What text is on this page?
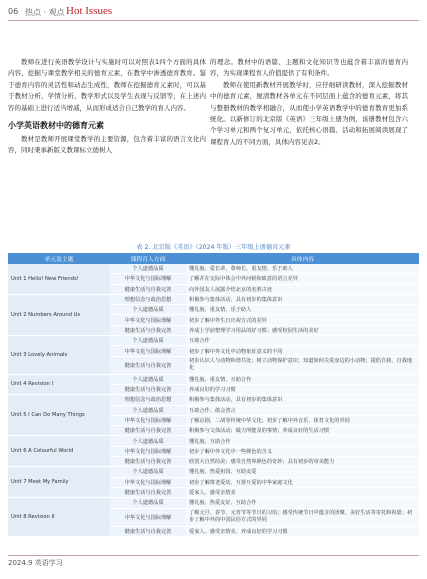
06 热点 · 观点 Hot Issues

教师在进行英语教学设计与实施时可以对照表1四个方面的具体内容，挖掘与课堂教学相关的德育元素，在教学中渗透德育教育。鉴于德育内容的灵活性和动态生成性，教师在挖掘德育元素时，可以基于教材分析、学情分析、教学形式以及学生表现与反馈等，在上述内容的基础上进行适当增减，从而形成适合自己教学的育人内容。

小学英语教材中的德育元素

教材是教师开展课堂教学的主要资源，包含着丰富的语言文化内容，同时秉承新版义教课标立德树人

的理念。教材中的语篇、主题和文化知识等也蕴含着丰富的德育内容，为实现课程育人价值提供了有利条件。

教师在使用新教材开展教学时，应仔细研读教材，深入挖掘教材中的德育元素，厘清教材各单元在不同层面上蕴含的德育元素，将其与整册教材的教学相融合，从而使小学英语教学中的德育教育更加系统化。以新修订的北京版《英语》三年级上册为例，该册教材包含六个学习单元和两个复习单元，依托核心语篇、活动和拓展阅读展现了课程育人的不同方面，具体内容见表2。

表 2. 北京版《英语》（2024 年版）三年级上册德育元素
单元及主题	课程育人方面	具体内容
Unit 1 Hello! New Friends!	个人道德品质	懂礼貌、爱长辈、尊师长、重友情、乐于助人
	中华文化与国际理解	了解并在交际中体会中外问候和致意的语言差异
	健康生活与自我完善	向外国友人展露介绍北京的名胜古迹
Unit 2 Numbers Around Us	理想信念与政治思想	积极参与集体活动、具有初步的集体意识
	个人道德品质	懂礼貌、重友情、乐于助人
	中华文化与国际理解	初步了解中外生日庆祝方式的差异
	健康生活与自我完善	养成上学前整理学习用品的好习惯；感受校园生活的美好
Unit 3 Lovely Animals	个人道德品质	互助合作
	中华文化与国际理解	初步了解中外文化中动物象征意义的不同
	健康生活与自我完善	初步认识人与动物和谐共处；树立动物保护意识；知道如何关爱身边的小动物；提倡自我、自我地化
Unit 4 Revision I	个人道德品质	懂礼貌、重友情、互助合作
	健康生活与自我完善	养成良好的学习习惯
Unit 5 I Can Do Many Things	理想信念与政治思想	积极参与集体活动，具有初步的集体意识
	个人道德品质	互助合作、敢会善言
	中华文化与国际理解	了解京剧、二胡等传统中华文化；初步了解中外音乐、体育文化的异同
	健康生活与自我完善	积极参与文体活动；做力所能及的事情；养成良好的生活习惯
Unit 6 A Colourful World	个人道德品质	懂礼貌、互助合作
	中华文化与国际理解	初步了解中外文化中一些颜色的含义
	健康生活与自我完善	欣赏大自然的美；感受自然界颜色的奇妙；具有初步的审美能力
Unit 7 Meet My Family	个人道德品质	懂礼貌、热爱祖国、互助友爱
	中华文化与国际理解	初步了解尊老爱幼、互帮互爱的中华家庭文化
	健康生活与自我完善	爱家人、感受亲情美
Unit 8 Revision II	个人道德品质	懂礼貌、热爱友好、互助合作
	中华文化与国际理解	了解元旦、春节、元宵节等节日的习俗；感受传统节日中蕴含的团聚、美好生活等寄托和祝愿；初步了解中外的中国民俗方式的异同
	健康生活与自我完善	爱家人、感受亲情美、养成良好的学习习惯
2024.9 英语学习
